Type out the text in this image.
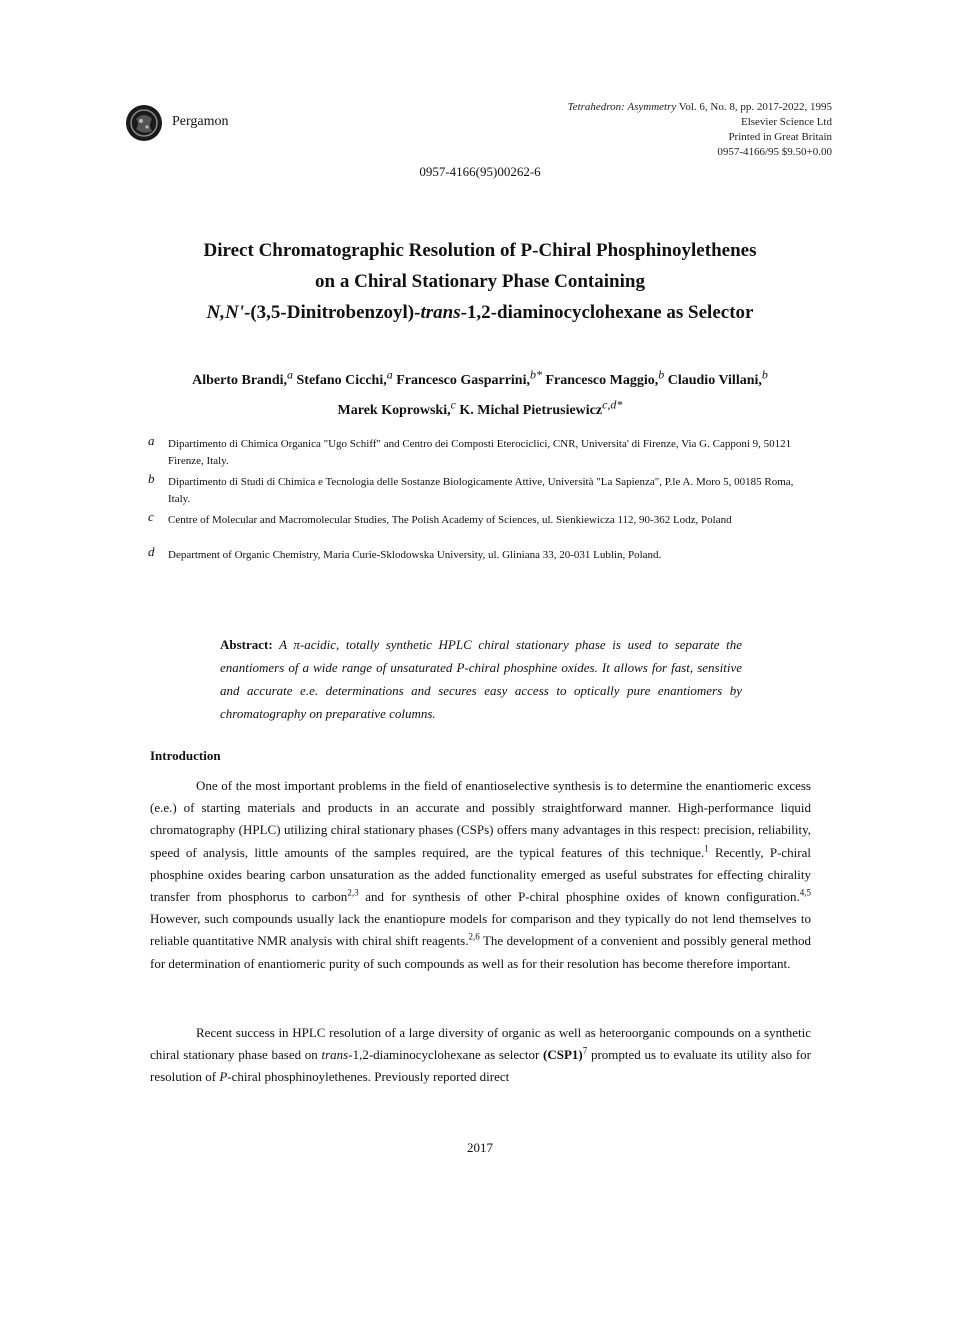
Pergamon
Tetrahedron: Asymmetry Vol. 6, No. 8, pp. 2017-2022, 1995
Elsevier Science Ltd
Printed in Great Britain
0957-4166/95 $9.50+0.00
0957-4166(95)00262-6
Direct Chromatographic Resolution of P-Chiral Phosphinoylethenes
on a Chiral Stationary Phase Containing
N,N'-(3,5-Dinitrobenzoyl)-trans-1,2-diaminocyclohexane as Selector
Alberto Brandi,$^a$ Stefano Cicchi,$^a$ Francesco Gasparrini,$^{b*}$ Francesco Maggio,$^b$ Claudio Villani,$^b$
Marek Koprowski,$^c$ K. Michal Pietrusiewicz$^{c,d*}$
a	Dipartimento di Chimica Organica "Ugo Schiff" and Centro dei Composti Eterociclici, CNR, Universita' di Firenze, Via G. Capponi 9, 50121 Firenze, Italy.
b	Dipartimento di Studi di Chimica e Tecnologia delle Sostanze Biologicamente Attive, Università "La Sapienza", P.le A. Moro 5, 00185 Roma, Italy.
c	Centre of Molecular and Macromolecular Studies, The Polish Academy of Sciences, ul. Sienkiewicza 112, 90-362 Lodz, Poland
d	Department of Organic Chemistry, Maria Curie-Sklodowska University, ul. Gliniana 33, 20-031 Lublin, Poland.
Abstract: A π-acidic, totally synthetic HPLC chiral stationary phase is used to separate the enantiomers of a wide range of unsaturated P-chiral phosphine oxides. It allows for fast, sensitive and accurate e.e. determinations and secures easy access to optically pure enantiomers by chromatography on preparative columns.
Introduction
One of the most important problems in the field of enantioselective synthesis is to determine the enantiomeric excess (e.e.) of starting materials and products in an accurate and possibly straightforward manner. High-performance liquid chromatography (HPLC) utilizing chiral stationary phases (CSPs) offers many advantages in this respect: precision, reliability, speed of analysis, little amounts of the samples required, are the typical features of this technique.$^1$ Recently, P-chiral phosphine oxides bearing carbon unsaturation as the added functionality emerged as useful substrates for effecting chirality transfer from phosphorus to carbon$^{2,3}$ and for synthesis of other P-chiral phosphine oxides of known configuration.$^{4,5}$ However, such compounds usually lack the enantiopure models for comparison and they typically do not lend themselves to reliable quantitative NMR analysis with chiral shift reagents.$^{2,6}$ The development of a convenient and possibly general method for determination of enantiomeric purity of such compounds as well as for their resolution has become therefore important.
Recent success in HPLC resolution of a large diversity of organic as well as heteroorganic compounds on a synthetic chiral stationary phase based on trans-1,2-diaminocyclohexane as selector $(CSP1)^7$ prompted us to evaluate its utility also for resolution of P-chiral phosphinoylethenes. Previously reported direct
2017
